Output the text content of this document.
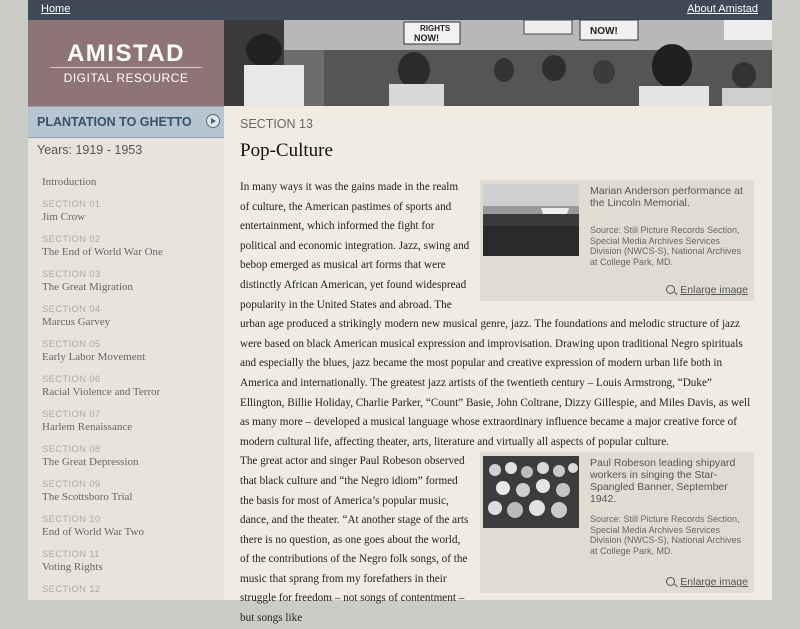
Home	About Amistad
AMISTAD
DIGITAL RESOURCE
RIGHTS
NOW!
NOW!
PLANTATION TO GHETTO
Years: 1919 - 1953
Introduction
SECTION 01
Jim Crow
SECTION 02
The End of World War One
SECTION 03
The Great Migration
SECTION 04
Marcus Garvey
SECTION 05
Early Labor Movement
SECTION 06
Racial Violence and Terror
SECTION 07
Harlem Renaissance
SECTION 08
The Great Depression
SECTION 09
The Scottsboro Trial
SECTION 10
End of World War Two
SECTION 11
Voting Rights
SECTION 12
SECTION 13
Pop-Culture
Marian Anderson performance at the Lincoln Memorial.
Source: Still Picture Records Section, Special Media Archives Services Division (NWCS-S), National Archives at College Park, MD.
Enlarge image

In many ways it was the gains made in the realm of culture, the American pastimes of sports and entertainment, which informed the fight for political and economic integration. Jazz, swing and bebop emerged as musical art forms that were distinctly African American, yet found widespread popularity in the United States and abroad. The urban age produced a strikingly modern new musical genre, jazz. The foundations and melodic structure of jazz were based on black American musical expression and improvisation. Drawing upon traditional Negro spirituals and especially the blues, jazz became the most popular and creative expression of modern urban life both in America and internationally. The greatest jazz artists of the twentieth century – Louis Armstrong, “Duke” Ellington, Billie Holiday, Charlie Parker, “Count” Basie, John Coltrane, Dizzy Gillespie, and Miles Davis, as well as many more – developed a musical language whose extraordinary influence became a major creative force of modern cultural life, affecting theater, arts, literature and virtually all aspects of popular culture.

Paul Robeson leading shipyard workers in singing the Star-Spangled Banner, September 1942.
Source: Still Picture Records Section, Special Media Archives Services Division (NWCS-S), National Archives at College Park, MD.
Enlarge image

The great actor and singer Paul Robeson observed that black culture and “the Negro idiom” formed the basis for most of America’s popular music, dance, and the theater. “At another stage of the arts there is no question, as one goes about the world, of the contributions of the Negro folk songs, of the music that sprang from my forefathers in their struggle for freedom – not songs of contentment – but songs like
